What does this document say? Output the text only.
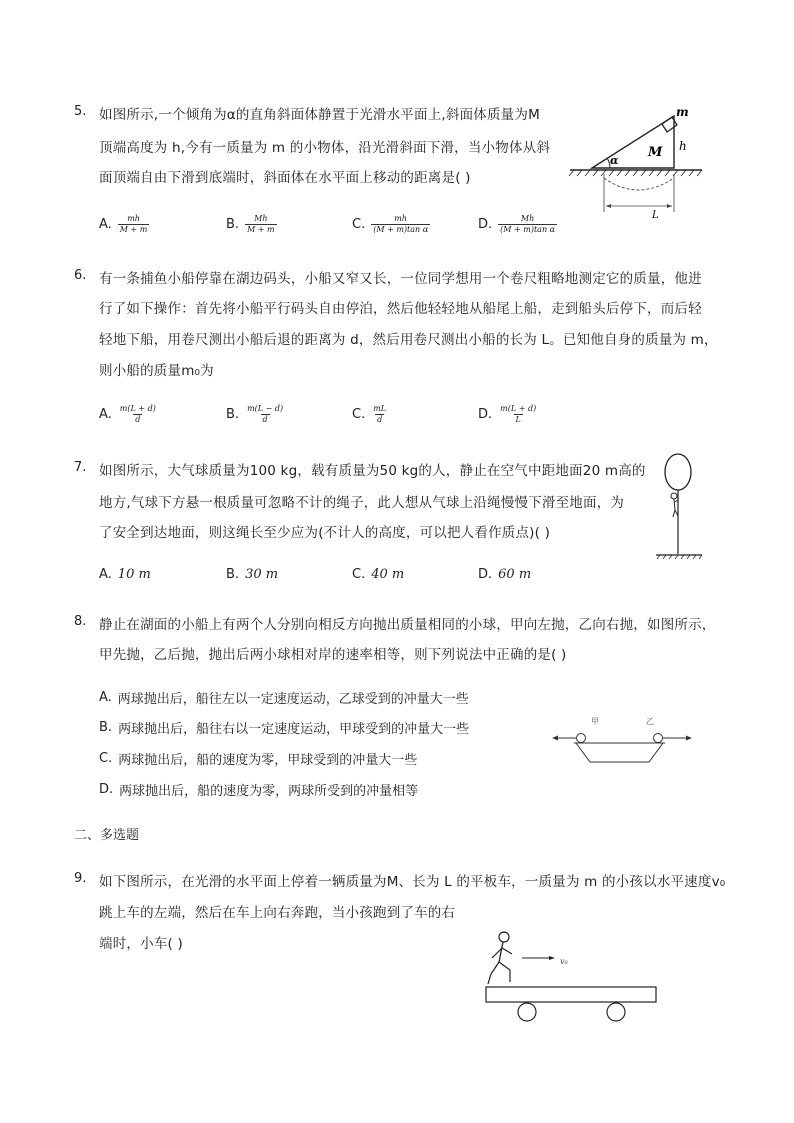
5. 如图所示,一个倾角为α的直角斜面体静置于光滑水平面上,斜面体质量为M
顶端高度为 h,今有一质量为 m 的小物体，沿光滑斜面下滑，当小物体从斜
面顶端自由下滑到底端时，斜面体在水平面上移动的距离是( )
A. $\frac{mh}{M + m}$	B. $\frac{Mh}{M + m}$	C. $\frac{mh}{\text{(M + m)tan α}}$	D. $\frac{Mh}{\text{(M + m)tan α}}$
m
M h
α
L
6. 有一条捕鱼小船停靠在湖边码头，小船又窄又长，一位同学想用一个卷尺粗略地测定它的质量，他进
行了如下操作：首先将小船平行码头自由停泊，然后他轻轻地从船尾上船，走到船头后停下，而后轻
轻地下船，用卷尺测出小船后退的距离为 d，然后用卷尺测出小船的长为 L。已知他自身的质量为 m，
则小船的质量m₀为
A. $\frac{m(L + d)}{d}$	B. $\frac{m(L - d)}{d}$	C. $\frac{mL}{d}$	D. $\frac{m(L + d)}{L}$
7. 如图所示，大气球质量为100 kg，载有质量为50 kg的人，静止在空气中距地面20 m高的
地方,气球下方悬一根质量可忽略不计的绳子，此人想从气球上沿绳慢慢下滑至地面，为
了安全到达地面，则这绳长至少应为(不计人的高度，可以把人看作质点)( )
A. 10 m	B. 30 m	C. 40 m	D. 60 m
8. 静止在湖面的小船上有两个人分别向相反方向抛出质量相同的小球，甲向左抛，乙向右抛，如图所示，
甲先抛，乙后抛，抛出后两小球相对岸的速率相等，则下列说法中正确的是( )
A. 两球抛出后，船往左以一定速度运动，乙球受到的冲量大一些
B. 两球抛出后，船往右以一定速度运动，甲球受到的冲量大一些
C. 两球抛出后，船的速度为零，甲球受到的冲量大一些
D. 两球抛出后，船的速度为零，两球所受到的冲量相等
甲	乙
二、多选题
9. 如下图所示，在光滑的水平面上停着一辆质量为M、长为 L 的平板车，一质量为 m 的小孩以水平速度v₀
跳上车的左端，然后在车上向右奔跑，当小孩跑到了车的右
端时，小车( )
v₀
